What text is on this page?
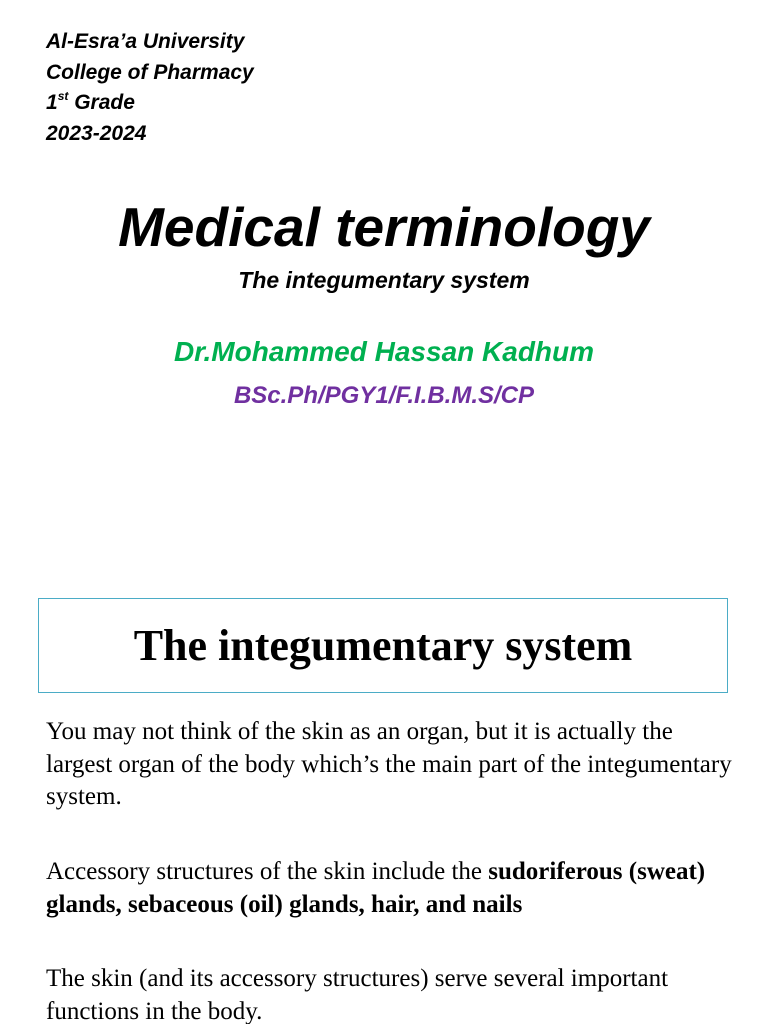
Al-Esra’a University
College of Pharmacy
1st Grade
2023-2024
Medical terminology
The integumentary system
Dr.Mohammed Hassan Kadhum
BSc.Ph/PGY1/F.I.B.M.S/CP
The integumentary system
You may not think of the skin as an organ, but it is actually the largest organ of the body which’s the main part of the integumentary system.
Accessory structures of the skin include the sudoriferous (sweat) glands, sebaceous (oil) glands, hair, and nails
The skin (and its accessory structures) serve several important functions in the body.
